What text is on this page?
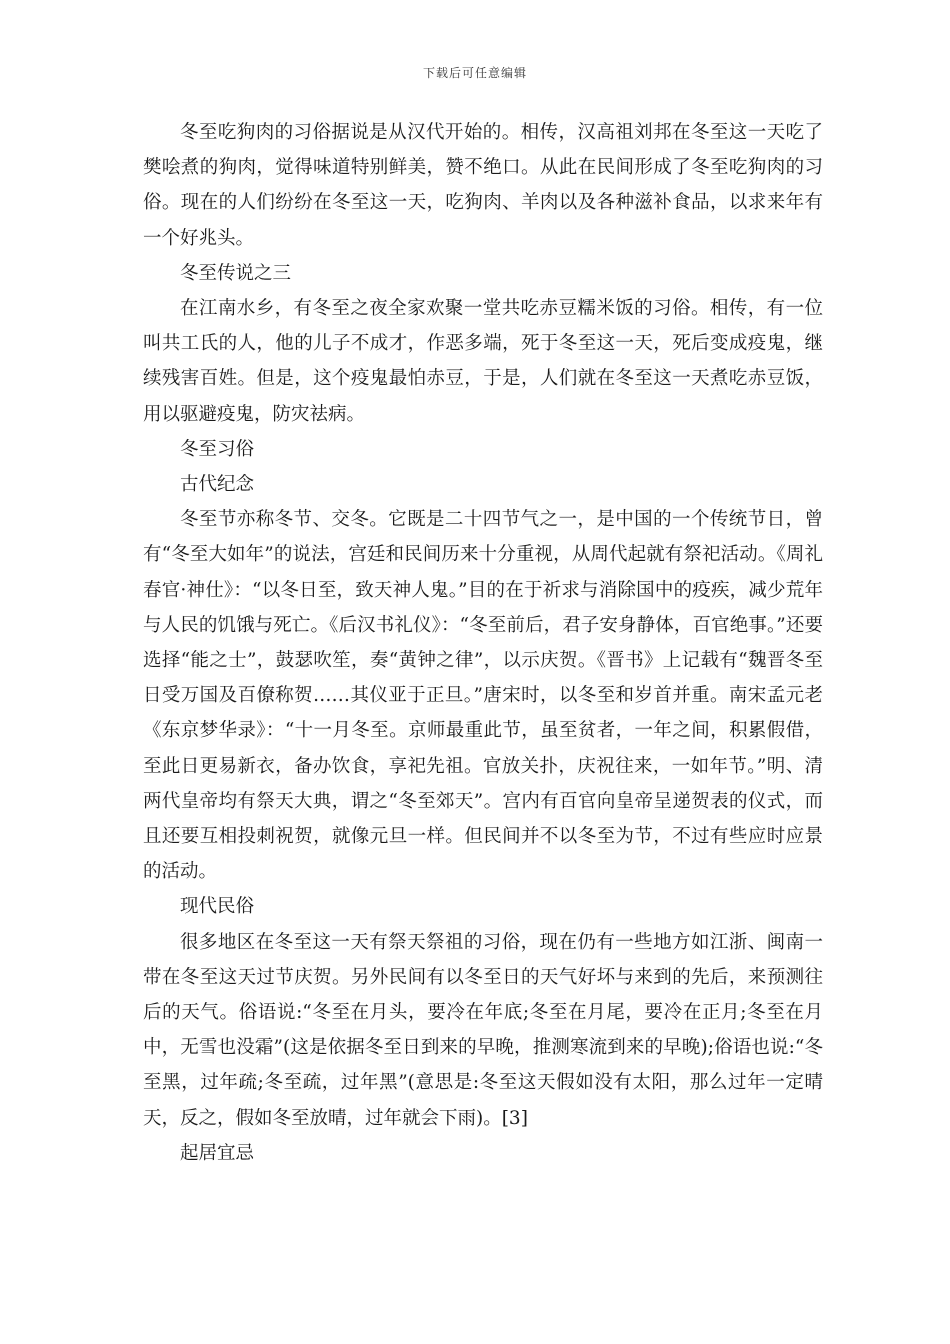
下载后可任意编辑

冬至吃狗肉的习俗据说是从汉代开始的。相传，汉高祖刘邦在冬至这一天吃了樊哙煮的狗肉，觉得味道特别鲜美，赞不绝口。从此在民间形成了冬至吃狗肉的习俗。现在的人们纷纷在冬至这一天，吃狗肉、羊肉以及各种滋补食品，以求来年有一个好兆头。

冬至传说之三

在江南水乡，有冬至之夜全家欢聚一堂共吃赤豆糯米饭的习俗。相传，有一位叫共工氏的人，他的儿子不成才，作恶多端，死于冬至这一天，死后变成疫鬼，继续残害百姓。但是，这个疫鬼最怕赤豆，于是，人们就在冬至这一天煮吃赤豆饭，用以驱避疫鬼，防灾祛病。

冬至习俗

古代纪念

冬至节亦称冬节、交冬。它既是二十四节气之一，是中国的一个传统节日，曾有“冬至大如年”的说法，宫廷和民间历来十分重视，从周代起就有祭祀活动。《周礼春官·神仕》：“以冬日至，致天神人鬼。”目的在于祈求与消除国中的疫疾，减少荒年与人民的饥饿与死亡。《后汉书礼仪》：“冬至前后，君子安身静体，百官绝事。”还要选择“能之士”，鼓瑟吹笙，奏“黄钟之律”，以示庆贺。《晋书》上记载有“魏晋冬至日受万国及百僚称贺……其仪亚于正旦。”唐宋时，以冬至和岁首并重。南宋孟元老《东京梦华录》：“十一月冬至。京师最重此节，虽至贫者，一年之间，积累假借，至此日更易新衣，备办饮食，享祀先祖。官放关扑，庆祝往来，一如年节。”明、清两代皇帝均有祭天大典，谓之“冬至郊天”。宫内有百官向皇帝呈递贺表的仪式，而且还要互相投刺祝贺，就像元旦一样。但民间并不以冬至为节，不过有些应时应景的活动。

现代民俗

很多地区在冬至这一天有祭天祭祖的习俗，现在仍有一些地方如江浙、闽南一带在冬至这天过节庆贺。另外民间有以冬至日的天气好坏与来到的先后，来预测往后的天气。俗语说:“冬至在月头，要冷在年底;冬至在月尾，要冷在正月;冬至在月中，无雪也没霜”(这是依据冬至日到来的早晚，推测寒流到来的早晚);俗语也说:“冬至黑，过年疏;冬至疏，过年黑”(意思是:冬至这天假如没有太阳，那么过年一定晴天，反之，假如冬至放晴，过年就会下雨)。[3]

起居宜忌
